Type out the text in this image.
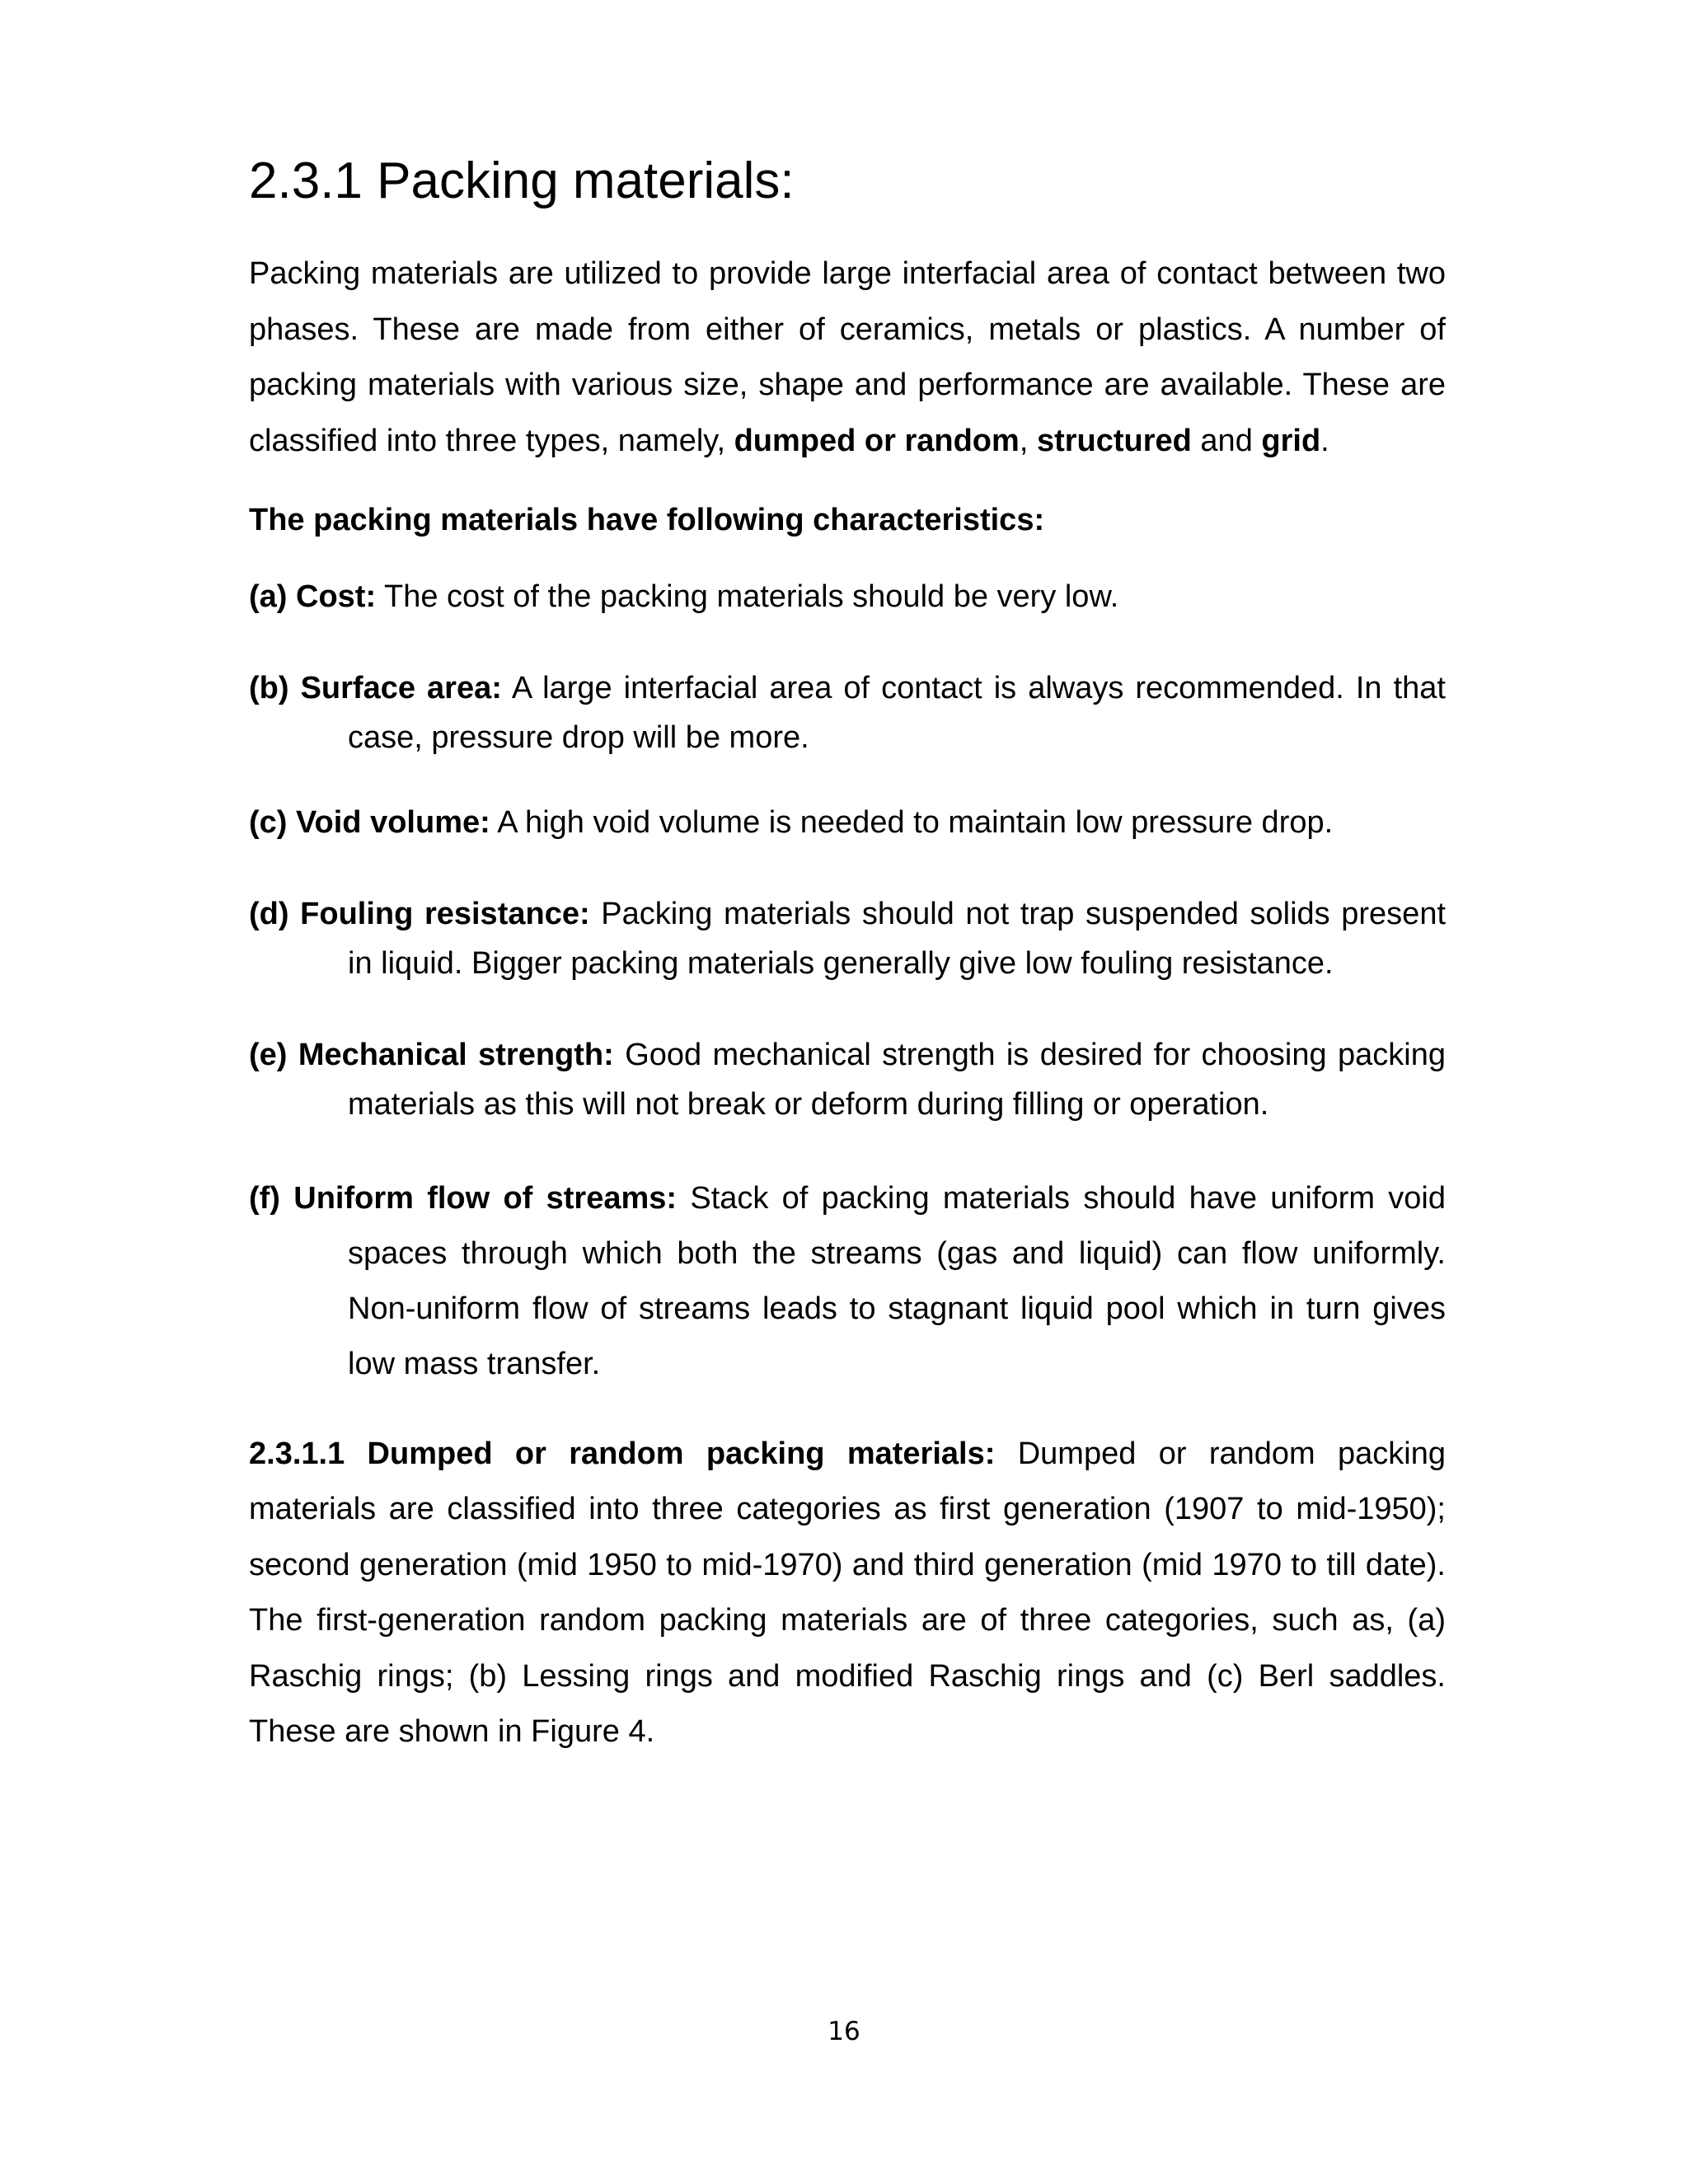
2.3.1 Packing materials:

Packing materials are utilized to provide large interfacial area of contact between two phases. These are made from either of ceramics, metals or plastics. A number of packing materials with various size, shape and performance are available. These are classified into three types, namely, dumped or random, structured and grid.

The packing materials have following characteristics:

(a) Cost: The cost of the packing materials should be very low.

(b) Surface area: A large interfacial area of contact is always recommended. In that case, pressure drop will be more.

(c) Void volume: A high void volume is needed to maintain low pressure drop.

(d) Fouling resistance: Packing materials should not trap suspended solids present in liquid. Bigger packing materials generally give low fouling resistance.

(e) Mechanical strength: Good mechanical strength is desired for choosing packing materials as this will not break or deform during filling or operation.

(f) Uniform flow of streams: Stack of packing materials should have uniform void spaces through which both the streams (gas and liquid) can flow uniformly. Non-uniform flow of streams leads to stagnant liquid pool which in turn gives low mass transfer.

2.3.1.1 Dumped or random packing materials: Dumped or random packing materials are classified into three categories as first generation (1907 to mid-1950); second generation (mid 1950 to mid-1970) and third generation (mid 1970 to till date). The first-generation random packing materials are of three categories, such as, (a) Raschig rings; (b) Lessing rings and modified Raschig rings and (c) Berl saddles. These are shown in Figure 4.

16
